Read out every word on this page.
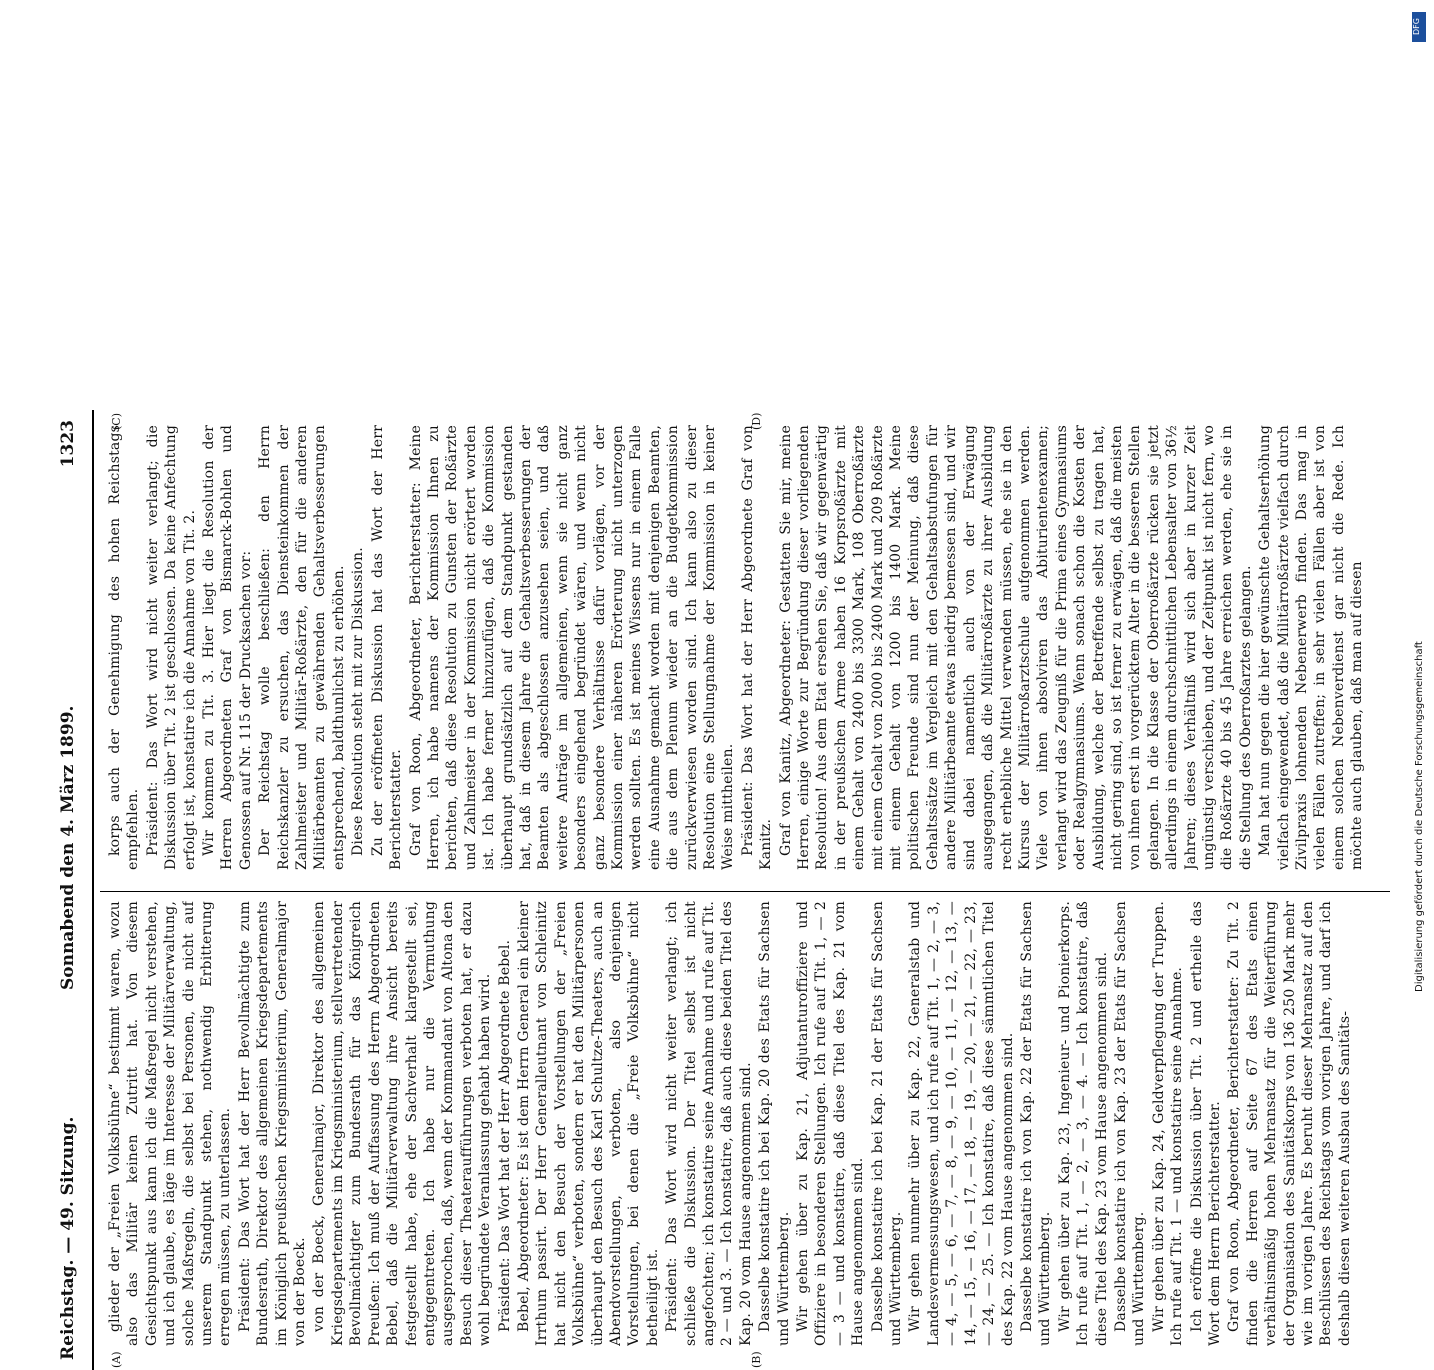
Reichstag. — 49. Sitzung.
Sonnabend den 4. März 1899.
1323
(A)	(B)
(C)	(D)

glieder der „Freien Volksbühne“ bestimmt waren, wozu also das Militär keinen Zutritt hat. Von diesem Gesichtspunkt aus kann ich die Maßregel nicht verstehen, und ich glaube, es läge im Interesse der Militärverwaltung, solche Maßregeln, die selbst bei Personen, die nicht auf unserem Standpunkt stehen, nothwendig Erbitterung erregen müssen, zu unterlassen. Präsident: Das Wort hat der Herr Bevollmächtigte zum Bundesrath, Direktor des allgemeinen Kriegsdepartements im Königlich preußischen Kriegsministerium, Generalmajor von der Boeck. von der Boeck, Generalmajor, Direktor des allgemeinen Kriegsdepartements im Kriegsministerium, stellvertretender Bevollmächtigter zum Bundesrath für das Königreich Preußen: Ich muß der Auffassung des Herrn Abgeordneten Bebel, daß die Militärverwaltung ihre Ansicht bereits festgestellt habe, ehe der Sachverhalt klargestellt sei, entgegentreten. Ich habe nur die Vermuthung ausgesprochen, daß, wenn der Kommandant von Altona den Besuch dieser Theateraufführungen verboten hat, er dazu wohl begründete Veranlassung gehabt haben wird. Präsident: Das Wort hat der Herr Abgeordnete Bebel. Bebel, Abgeordneter: Es ist dem Herrn General ein kleiner Irrthum passirt. Der Herr Generalleutnant von Schleinitz hat nicht den Besuch der Vorstellungen der „Freien Volksbühne“ verboten, sondern er hat den Militärpersonen überhaupt den Besuch des Karl Schultze-Theaters, auch an Abendvorstellungen, verboten, also denjenigen Vorstellungen, bei denen die „Freie Volksbühne“ nicht betheiligt ist. Präsident: Das Wort wird nicht weiter verlangt; ich schließe die Diskussion. Der Titel selbst ist nicht angefochten; ich konstatire seine Annahme und rufe auf Tit. 2 — und 3. — Ich konstatire, daß auch diese beiden Titel des Kap. 20 vom Hause angenommen sind. Dasselbe konstatire ich bei Kap. 20 des Etats für Sachsen und Württemberg. Wir gehen über zu Kap. 21, Adjutanturoffiziere und Offiziere in besonderen Stellungen. Ich rufe auf Tit. 1, — 2 — 3 — und konstatire, daß diese Titel des Kap. 21 vom Hause angenommen sind. Dasselbe konstatire ich bei Kap. 21 der Etats für Sachsen und Württemberg. Wir gehen nunmehr über zu Kap. 22, Generalstab und Landesvermessungswesen, und ich rufe auf Tit. 1, — 2, — 3, — 4, — 5, — 6, — 7, — 8, — 9, — 10, — 11, — 12, — 13, — 14, — 15, — 16, — 17, — 18, — 19, — 20, — 21, — 22, — 23, — 24, — 25. — Ich konstatire, daß diese sämmtlichen Titel des Kap. 22 vom Hause angenommen sind. Dasselbe konstatire ich von Kap. 22 der Etats für Sachsen und Württemberg. Wir gehen über zu Kap. 23, Ingenieur- und Pionierkorps. Ich rufe auf Tit. 1, — 2, — 3, — 4. — Ich konstatire, daß diese Titel des Kap. 23 vom Hause angenommen sind. Dasselbe konstatire ich von Kap. 23 der Etats für Sachsen und Württemberg. Wir gehen über zu Kap. 24, Geldverpflegung der Truppen. Ich rufe auf Tit. 1 — und konstatire seine Annahme. Ich eröffne die Diskussion über Tit. 2 und ertheile das Wort dem Herrn Berichterstatter. Graf von Roon, Abgeordneter, Berichterstatter: Zu Tit. 2 finden die Herren auf Seite 67 des Etats einen verhältnismäßig hohen Mehransatz für die Weiterführung der Organisation des Sanitätskorps von 136 250 Mark mehr wie im vorigen Jahre. Es beruht dieser Mehransatz auf den Beschlüssen des Reichstags vom vorigen Jahre, und darf ich deshalb diesen weiteren Ausbau des Sanitäts-

korps auch der Genehmigung des hohen Reichstags empfehlen. Präsident: Das Wort wird nicht weiter verlangt; die Diskussion über Tit. 2 ist geschlossen. Da keine Anfechtung erfolgt ist, konstatire ich die Annahme von Tit. 2. Wir kommen zu Tit. 3. Hier liegt die Resolution der Herren Abgeordneten Graf von Bismarck-Bohlen und Genossen auf Nr. 115 der Drucksachen vor: Der Reichstag wolle beschließen: den Herrn Reichskanzler zu ersuchen, das Diensteinkommen der Zahlmeister und Militär-Roßärzte, den für die anderen Militärbeamten zu gewährenden Gehaltsverbesserungen entsprechend, baldthunlichst zu erhöhen. Diese Resolution steht mit zur Diskussion. Zu der eröffneten Diskussion hat das Wort der Herr Berichterstatter. Graf von Roon, Abgeordneter, Berichterstatter: Meine Herren, ich habe namens der Kommission Ihnen zu berichten, daß diese Resolution zu Gunsten der Roßärzte und Zahlmeister in der Kommission nicht erörtert worden ist. Ich habe ferner hinzuzufügen, daß die Kommission überhaupt grundsätzlich auf dem Standpunkt gestanden hat, daß in diesem Jahre die Gehaltsverbesserungen der Beamten als abgeschlossen anzusehen seien, und daß weitere Anträge im allgemeinen, wenn sie nicht ganz besonders eingehend begründet wären, und wenn nicht ganz besondere Verhältnisse dafür vorlägen, vor der Kommission einer näheren Erörterung nicht unterzogen werden sollten. Es ist meines Wissens nur in einem Falle eine Ausnahme gemacht worden mit denjenigen Beamten, die aus dem Plenum wieder an die Budgetkommission zurückverwiesen worden sind. Ich kann also zu dieser Resolution eine Stellungnahme der Kommission in keiner Weise mittheilen. Präsident: Das Wort hat der Herr Abgeordnete Graf von Kanitz. Graf von Kanitz, Abgeordneter: Gestatten Sie mir, meine Herren, einige Worte zur Begründung dieser vorliegenden Resolution! Aus dem Etat ersehen Sie, daß wir gegenwärtig in der preußischen Armee haben 16 Korpsroßärzte mit einem Gehalt von 2400 bis 3300 Mark, 108 Oberroßärzte mit einem Gehalt von 2000 bis 2400 Mark und 209 Roßärzte mit einem Gehalt von 1200 bis 1400 Mark. Meine politischen Freunde sind nun der Meinung, daß diese Gehaltssätze im Vergleich mit den Gehaltsabstufungen für andere Militärbeamte etwas niedrig bemessen sind, und wir sind dabei namentlich auch von der Erwägung ausgegangen, daß die Militärroßärzte zu ihrer Ausbildung recht erhebliche Mittel verwenden müssen, ehe sie in den Kursus der Militärroßarztschule aufgenommen werden. Viele von ihnen absolviren das Abiturientenexamen; verlangt wird das Zeugniß für die Prima eines Gymnasiums oder Realgymnasiums. Wenn sonach schon die Kosten der Ausbildung, welche der Betreffende selbst zu tragen hat, nicht gering sind, so ist ferner zu erwägen, daß die meisten von ihnen erst in vorgerücktem Alter in die besseren Stellen gelangen. In die Klasse der Oberroßärzte rücken sie jetzt allerdings in einem durchschnittlichen Lebensalter von 36½ Jahren; dieses Verhältniß wird sich aber in kurzer Zeit ungünstig verschieben, und der Zeitpunkt ist nicht fern, wo die Roßärzte 40 bis 45 Jahre erreichen werden, ehe sie in die Stellung des Oberroßarztes gelangen. Man hat nun gegen die hier gewünschte Gehaltserhöhung vielfach eingewendet, daß die Militärroßärzte vielfach durch Zivilpraxis lohnenden Nebenerwerb finden. Das mag in vielen Fällen zutreffen; in sehr vielen Fällen aber ist von einem solchen Nebenverdienst gar nicht die Rede. Ich möchte auch glauben, daß man auf diesen

DFG
Digitalisierung gefördert durch die Deutsche Forschungsgemeinschaft
